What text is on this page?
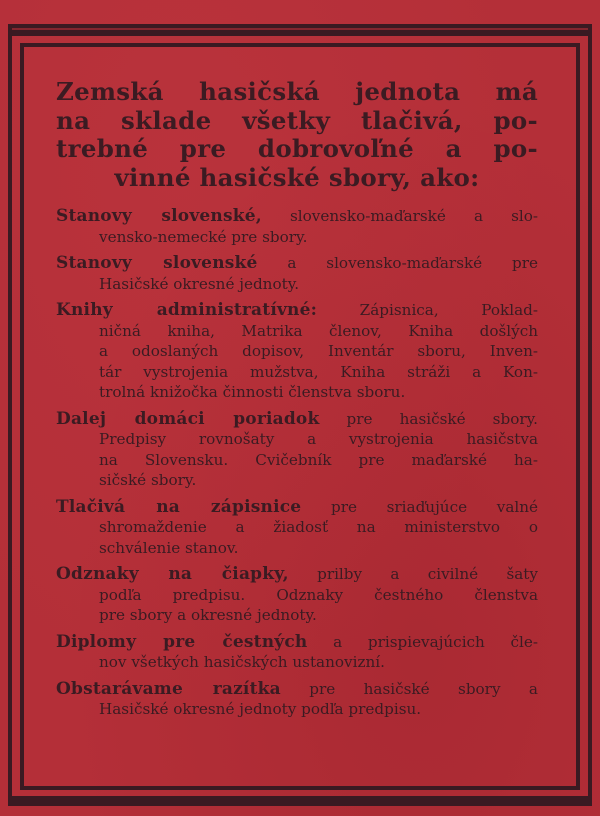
Zemská hasičská jednota má
na sklade všetky tlačivá, po-
trebné pre dobrovoľné a po-
vinné hasičské sbory, ako:
Stanovy slovenské, slovensko-maďarské a slo-
vensko-nemecké pre sbory.
Stanovy slovenské a slovensko-maďarské pre
Hasičské okresné jednoty.
Knihy administratívné: Zápisnica, Poklad-
ničná kniha, Matrika členov, Kniha došlých
a odoslaných dopisov, Inventár sboru, Inven-
tár vystrojenia mužstva, Kniha stráži a Kon-
trolná knižočka činnosti členstva sboru.
Dalej domáci poriadok pre hasičské sbory.
Predpisy rovnošaty a vystrojenia hasičstva
na Slovensku. Cvičebník pre maďarské ha-
sičské sbory.
Tlačivá na zápisnice pre sriaďujúce valné
shromaždenie a žiadosť na ministerstvo o
schválenie stanov.
Odznaky na čiapky, prilby a civilné šaty
podľa predpisu. Odznaky čestného členstva
pre sbory a okresné jednoty.
Diplomy pre čestných a prispievajúcich čle-
nov všetkých hasičských ustanovizní.
Obstarávame razítka pre hasičské sbory a
Hasičské okresné jednoty podľa predpisu.
